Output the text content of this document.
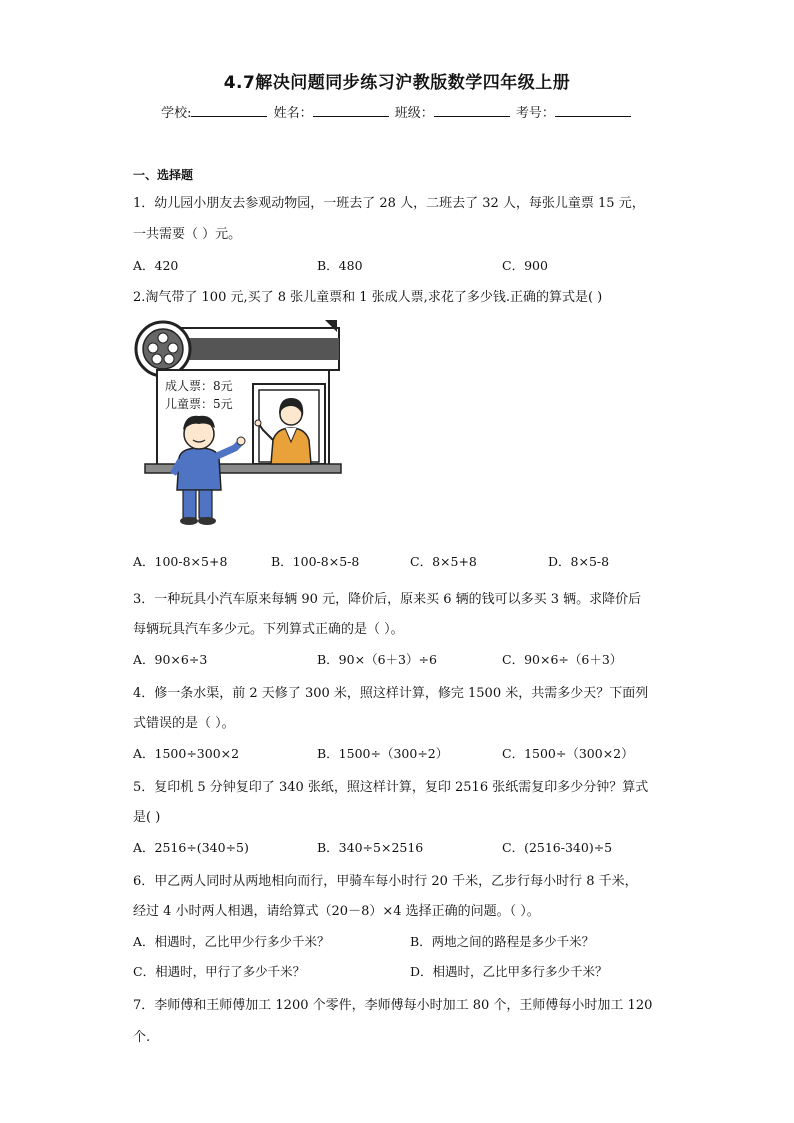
4.7解决问题同步练习沪教版数学四年级上册
学校:	姓名：	班级：	考号：
一、选择题
1．幼儿园小朋友去参观动物园，一班去了 28 人，二班去了 32 人，每张儿童票 15 元，
一共需要（ ）元。
A．420	B．480	C．900
2.淘气带了 100 元,买了 8 张儿童票和 1 张成人票,求花了多少钱.正确的算式是( )
成人票：8元
儿童票：5元
A．100-8×5+8	B．100-8×5-8	C．8×5+8	D．8×5-8
3．一种玩具小汽车原来每辆 90 元，降价后，原来买 6 辆的钱可以多买 3 辆。求降价后
每辆玩具汽车多少元。下列算式正确的是（ ）。
A．90×6÷3	B．90×（6＋3）÷6	C．90×6÷（6＋3）
4．修一条水渠，前 2 天修了 300 米，照这样计算，修完 1500 米，共需多少天？下面列
式错误的是（ ）。
A．1500÷300×2	B．1500÷（300÷2）	C．1500÷（300×2）
5．复印机 5 分钟复印了 340 张纸，照这样计算，复印 2516 张纸需复印多少分钟？算式
是( )
A．2516÷(340÷5)	B．340÷5×2516	C．(2516-340)÷5
6．甲乙两人同时从两地相向而行，甲骑车每小时行 20 千米，乙步行每小时行 8 千米，
经过 4 小时两人相遇，请给算式（20－8）×4 选择正确的问题。（ ）。
A．相遇时，乙比甲少行多少千米？	B．两地之间的路程是多少千米？
C．相遇时，甲行了多少千米？	D．相遇时，乙比甲多行多少千米？
7．李师傅和王师傅加工 1200 个零件，李师傅每小时加工 80 个，王师傅每小时加工 120
个.
